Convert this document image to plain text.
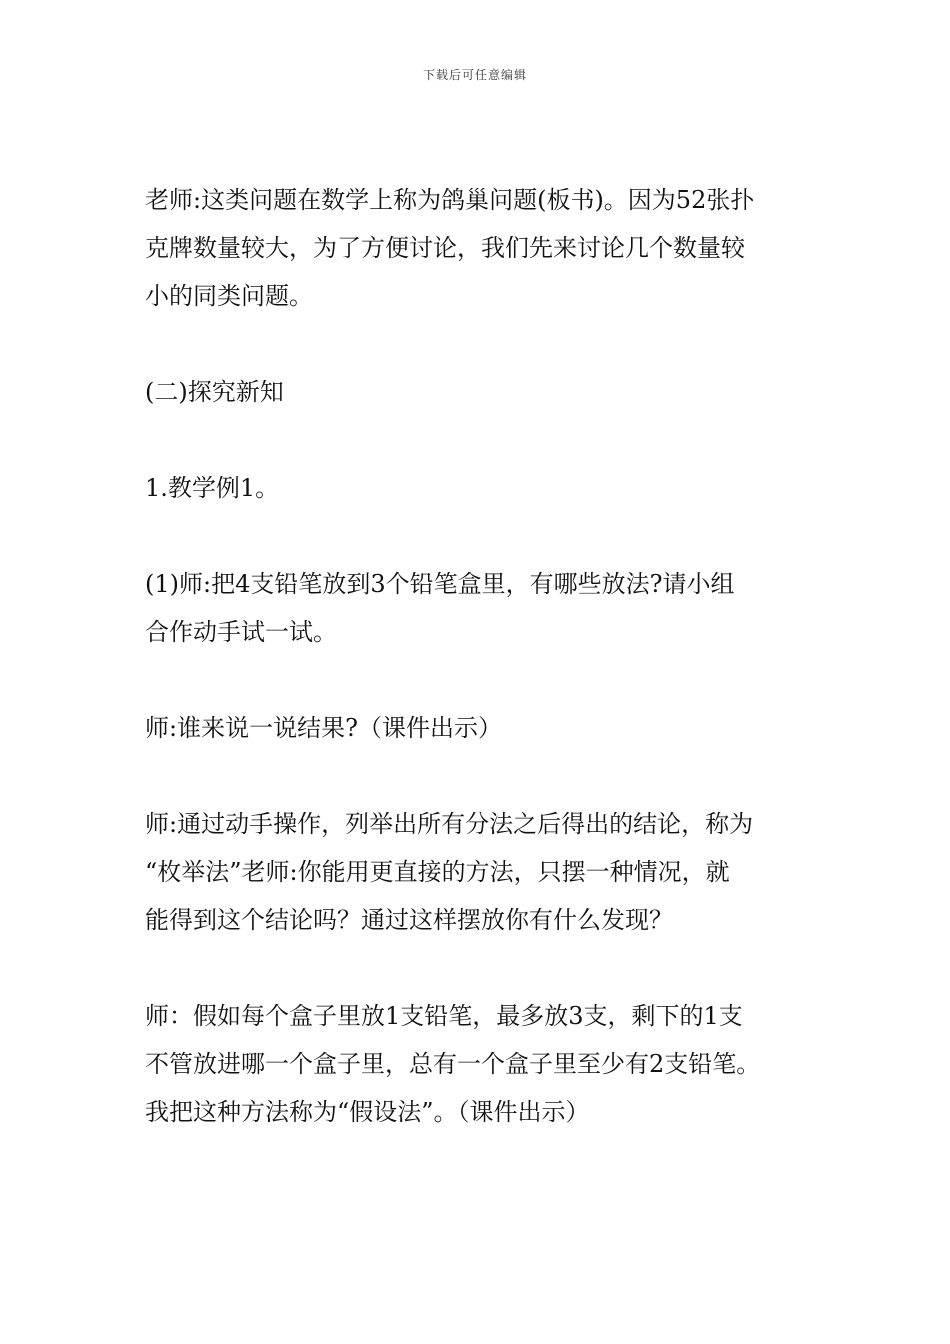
下载后可任意编辑
老师:这类问题在数学上称为鸽巢问题(板书)。因为52张扑
克牌数量较大，为了方便讨论，我们先来讨论几个数量较
小的同类问题。
(二)探究新知
1.教学例1。
(1)师:把4支铅笔放到3个铅笔盒里，有哪些放法?请小组
合作动手试一试。
师:谁来说一说结果?（课件出示）
师:通过动手操作，列举出所有分法之后得出的结论，称为
“枚举法”老师:你能用更直接的方法，只摆一种情况，就
能得到这个结论吗？通过这样摆放你有什么发现？
师：假如每个盒子里放1支铅笔，最多放3支，剩下的1支
不管放进哪一个盒子里，总有一个盒子里至少有2支铅笔。
我把这种方法称为“假设法”。（课件出示）
